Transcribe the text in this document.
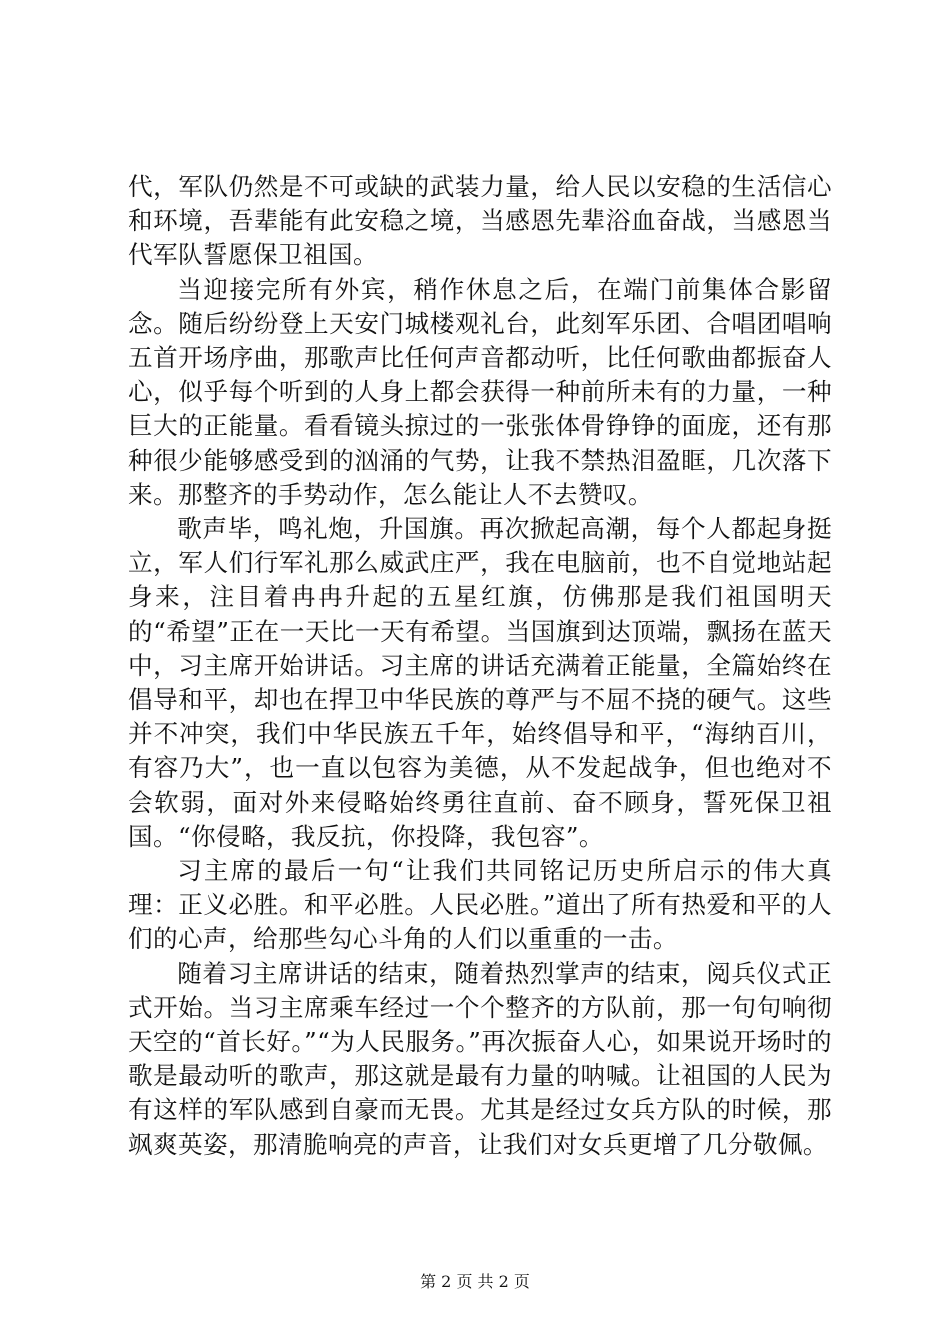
代，军队仍然是不可或缺的武装力量，给人民以安稳的生活信心和环境，吾辈能有此安稳之境，当感恩先辈浴血奋战，当感恩当代军队誓愿保卫祖国。

当迎接完所有外宾，稍作休息之后，在端门前集体合影留念。随后纷纷登上天安门城楼观礼台，此刻军乐团、合唱团唱响五首开场序曲，那歌声比任何声音都动听，比任何歌曲都振奋人心，似乎每个听到的人身上都会获得一种前所未有的力量，一种巨大的正能量。看看镜头掠过的一张张体骨铮铮的面庞，还有那种很少能够感受到的汹涌的气势，让我不禁热泪盈眶，几次落下来。那整齐的手势动作，怎么能让人不去赞叹。

歌声毕，鸣礼炮，升国旗。再次掀起高潮，每个人都起身挺立，军人们行军礼那么威武庄严，我在电脑前，也不自觉地站起身来，注目着冉冉升起的五星红旗，仿佛那是我们祖国明天的“希望”正在一天比一天有希望。当国旗到达顶端，飘扬在蓝天中，习主席开始讲话。习主席的讲话充满着正能量，全篇始终在倡导和平，却也在捍卫中华民族的尊严与不屈不挠的硬气。这些并不冲突，我们中华民族五千年，始终倡导和平，“海纳百川，有容乃大”，也一直以包容为美德，从不发起战争，但也绝对不会软弱，面对外来侵略始终勇往直前、奋不顾身，誓死保卫祖国。“你侵略，我反抗，你投降，我包容”。

习主席的最后一句“让我们共同铭记历史所启示的伟大真理：正义必胜。和平必胜。人民必胜。”道出了所有热爱和平的人们的心声，给那些勾心斗角的人们以重重的一击。

随着习主席讲话的结束，随着热烈掌声的结束，阅兵仪式正式开始。当习主席乘车经过一个个整齐的方队前，那一句句响彻天空的“首长好。”“为人民服务。”再次振奋人心，如果说开场时的歌是最动听的歌声，那这就是最有力量的呐喊。让祖国的人民为有这样的军队感到自豪而无畏。尤其是经过女兵方队的时候，那飒爽英姿，那清脆响亮的声音，让我们对女兵更增了几分敬佩。

第 2 页 共 2 页
